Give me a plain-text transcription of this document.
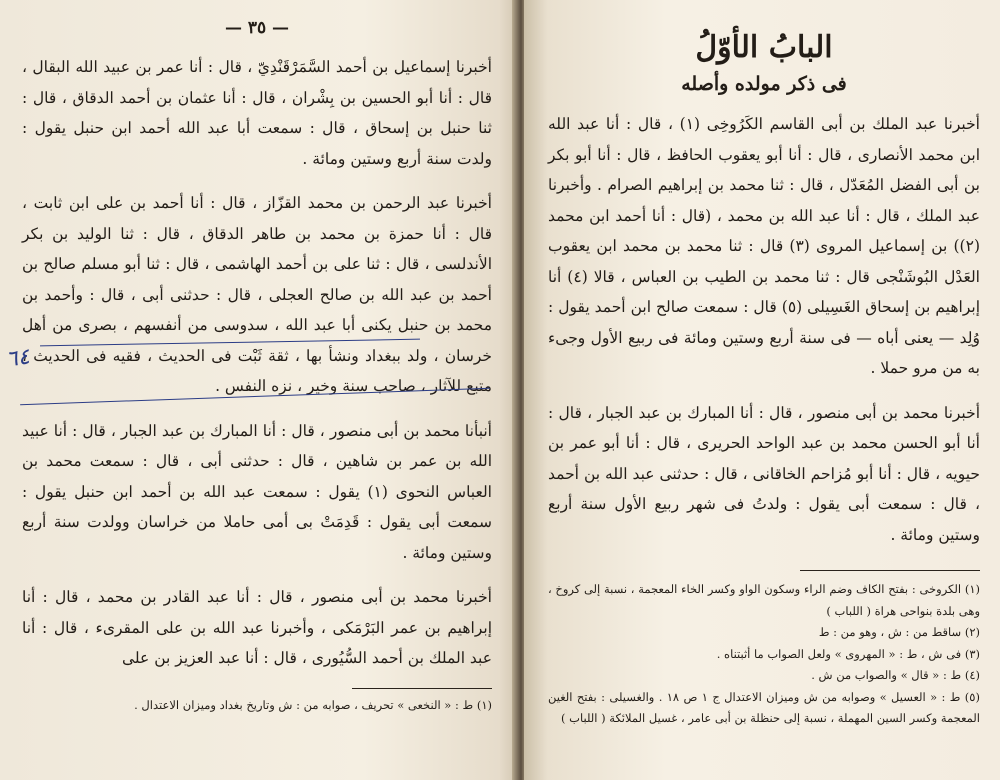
— ٣٥ —

أخبرنا إسماعيل بن أحمد السَّمَرْقَنْدِيّ ، قال : أنا عمر بن عبيد الله البقال ، قال : أنا أبو الحسين بن بِشْران ، قال : أنا عثمان بن أحمد الدقاق ، قال : ثنا حنبل بن إسحاق ، قال : سمعت أبا عبد الله أحمد ابن حنبل يقول : ولدت سنة أربع وستين ومائة .

أخبرنا عبد الرحمن بن محمد القزّاز ، قال : أنا أحمد بن على ابن ثابت ، قال : أنا حمزة بن محمد بن طاهر الدقاق ، قال : ثنا الوليد بن بكر الأندلسى ، قال : ثنا على بن أحمد الهاشمى ، قال : ثنا أبو مسلم صالح بن أحمد بن عبد الله بن صالح العجلى ، قال : حدثنى أبى ، قال : وأحمد بن محمد بن حنبل يكنى أبا عبد الله ، سدوسى من أنفسهم ، بصرى من أهل خرسان ، ولد ببغداد ونشأ بها ، ثقة ثَبْت فى الحديث ، فقيه فى الحديث ، متبع للآثار ، صاحب سنة وخير ، نزه النفس .

أنبأنا محمد بن أبى منصور ، قال : أنا المبارك بن عبد الجبار ، قال : أنا عبيد الله بن عمر بن شاهين ، قال : حدثنى أبى ، قال : سمعت محمد بن العباس النحوى (١) يقول : سمعت عبد الله بن أحمد ابن حنبل يقول : سمعت أبى يقول : قَدِمَتْ بى أمى حاملا من خراسان وولدت سنة أربع وستين ومائة .

أخبرنا محمد بن أبى منصور ، قال : أنا عبد القادر بن محمد ، قال : أنا إبراهيم بن عمر البَرْمَكى ، وأخبرنا عبد الله بن على المقرىء ، قال : أنا عبد الملك بن أحمد السُّيُورى ، قال : أنا عبد العزيز بن على

(١) ط : « النخعى » تحريف ، صوابه من : ش وتاريخ بغداد وميزان الاعتدال .
البابُ الأوّلُ
فى ذكر مولده وأصله

أخبرنا عبد الملك بن أبى القاسم الكَرُوخِى (١) ، قال : أنا عبد الله ابن محمد الأنصارى ، قال : أنا أبو يعقوب الحافظ ، قال : أنا أبو بكر بن أبى الفضل المُعَدّل ، قال : ثنا محمد بن إبراهيم الصرام . وأخبرنا عبد الملك ، قال : أنا عبد الله بن محمد ، (قال : أنا أحمد ابن محمد (٢)) بن إسماعيل المروى (٣) قال : ثنا محمد بن محمد ابن يعقوب العَدْل البُوشَنْجى قال : ثنا محمد بن الطيب بن العباس ، قالا (٤) أنا إبراهيم بن إسحاق الغَسِيلى (٥) قال : سمعت صالح ابن أحمد يقول : وُلِد — يعنى أباه — فى سنة أربع وستين ومائة فى ربيع الأول وجىء به من مرو حملا .

أخبرنا محمد بن أبى منصور ، قال : أنا المبارك بن عبد الجبار ، قال : أنا أبو الحسن محمد بن عبد الواحد الحريرى ، قال : أنا أبو عمر بن حيويه ، قال : أنا أبو مُزاحم الخاقانى ، قال : حدثنى عبد الله بن أحمد ، قال : سمعت أبى يقول : ولدتُ فى شهر ربيع الأول سنة أربع وستين ومائة .

(١) الكروخى : بفتح الكاف وضم الراء وسكون الواو وكسر الخاء المعجمة ، نسبة إلى كروخ ، وهى بلدة بنواحى هراة ( اللباب )
(٢) ساقط من : ش ، وهو من : ط
(٣) فى ش ، ط : « المهروى » ولعل الصواب ما أثبتناه .
(٤) ط : « قال » والصواب من ش .
(٥) ط : « العسيل » وصوابه من ش وميزان الاعتدال ج ١ ص ١٨ . والغسيلى : بفتح الغين المعجمة وكسر السين المهملة ، نسبة إلى حنظلة بن أبى عامر ، غسيل الملائكة ( اللباب )
٦٤
